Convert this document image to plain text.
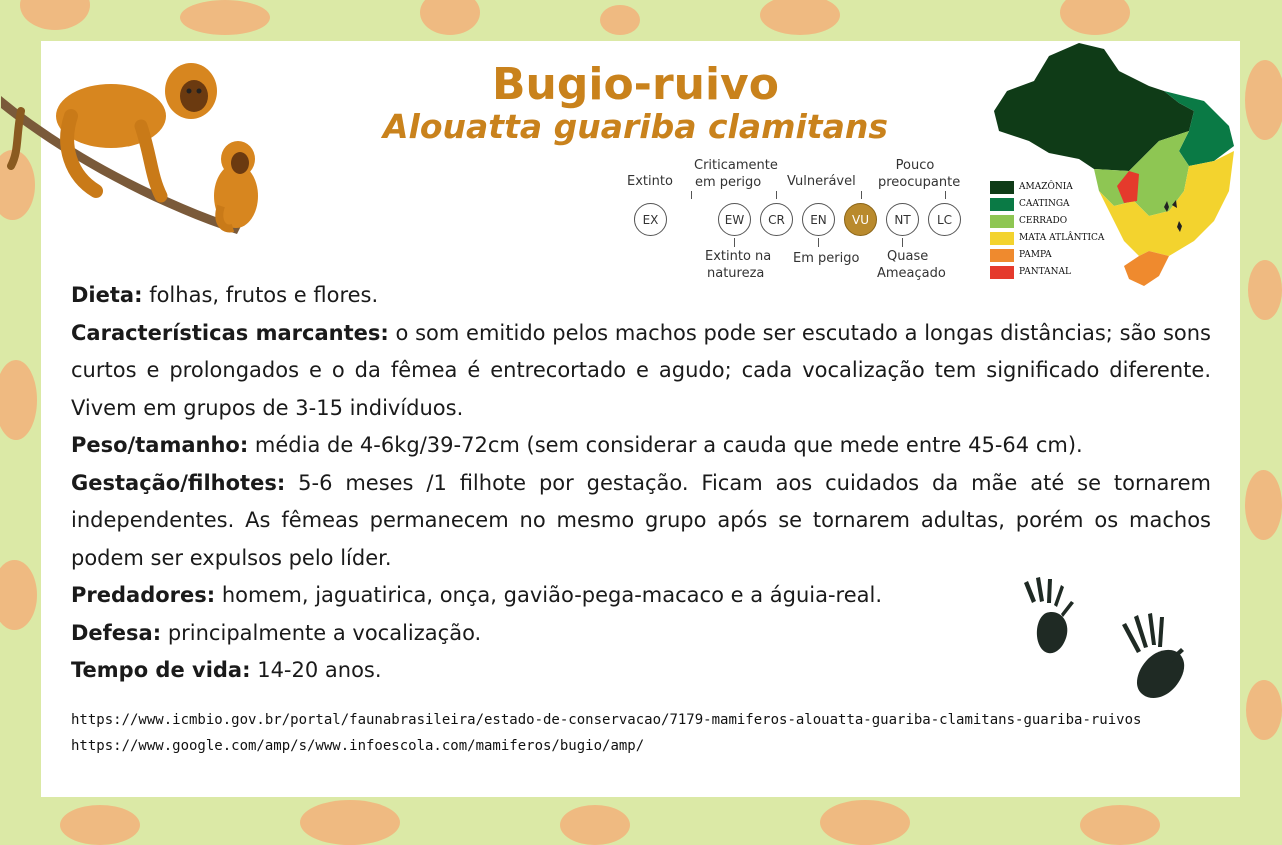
Bugio-ruivo
Alouatta guariba clamitans
Extinto
Criticamente
em perigo Vulnerável
Pouco
preocupante
EX	EW	CR	EN	VU	NT	LC
Extinto na
natureza
Em perigo Quase
Ameaçado
AMAZÔNIA
CAATINGA
CERRADO
MATA ATLÂNTICA
PAMPA
PANTANAL

Dieta: folhas, frutos e flores.

Características marcantes: o som emitido pelos machos pode ser escutado a longas distâncias; são sons curtos e prolongados e o da fêmea é entrecortado e agudo; cada vocalização tem significado diferente. Vivem em grupos de 3-15 indivíduos.

Peso/tamanho: média de 4-6kg/39-72cm (sem considerar a cauda que mede entre 45-64 cm).

Gestação/filhotes: 5-6 meses /1 filhote por gestação. Ficam aos cuidados da mãe até se tornarem independentes. As fêmeas permanecem no mesmo grupo após se tornarem adultas, porém os machos podem ser expulsos pelo líder.

Predadores: homem, jaguatirica, onça, gavião-pega-macaco e a águia-real.

Defesa: principalmente a vocalização.

Tempo de vida: 14-20 anos.

https://www.icmbio.gov.br/portal/faunabrasileira/estado-de-conservacao/7179-mamiferos-alouatta-guariba-clamitans-guariba-ruivos
https://www.google.com/amp/s/www.infoescola.com/mamiferos/bugio/amp/
